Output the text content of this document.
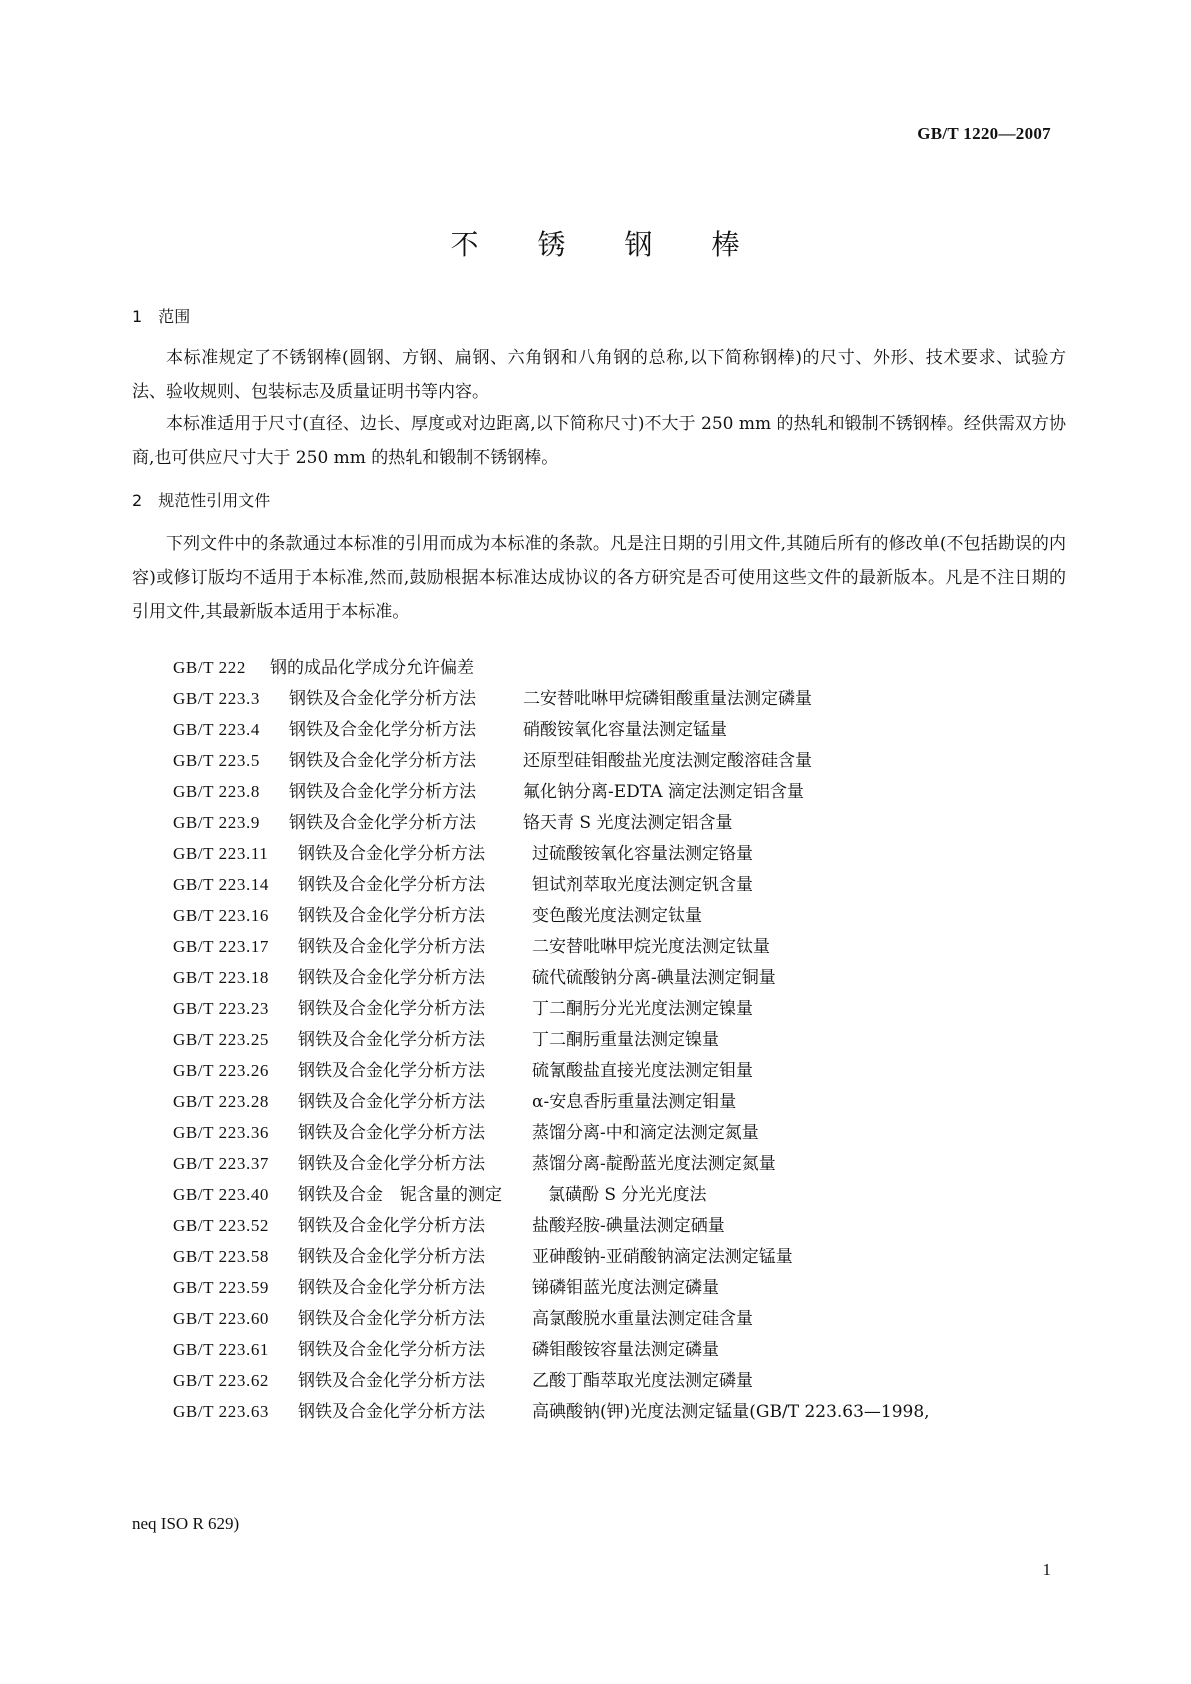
GB/T 1220—2007
不　　锈　　钢　　棒
1　 范围
本标准规定了不锈钢棒(圆钢、方钢、扁钢、六角钢和八角钢的总称,以下简称钢棒)的尺寸、外形、技术要求、试验方法、验收规则、包装标志及质量证明书等内容。
本标准适用于尺寸(直径、边长、厚度或对边距离,以下简称尺寸)不大于 250 mm 的热轧和锻制不锈钢棒。经供需双方协商,也可供应尺寸大于 250 mm 的热轧和锻制不锈钢棒。
2　 规范性引用文件
下列文件中的条款通过本标准的引用而成为本标准的条款。凡是注日期的引用文件,其随后所有的修改单(不包括勘误的内容)或修订版均不适用于本标准,然而,鼓励根据本标准达成协议的各方研究是否可使用这些文件的最新版本。凡是不注日期的引用文件,其最新版本适用于本标准。
GB/T 222 钢的成品化学成分允许偏差
GB/T 223.3 钢铁及合金化学分析方法	二安替吡啉甲烷磷钼酸重量法测定磷量
GB/T 223.4 钢铁及合金化学分析方法	硝酸铵氧化容量法测定锰量
GB/T 223.5 钢铁及合金化学分析方法	还原型硅钼酸盐光度法测定酸溶硅含量
GB/T 223.8 钢铁及合金化学分析方法	氟化钠分离-EDTA 滴定法测定铝含量
GB/T 223.9 钢铁及合金化学分析方法	铬天青 S 光度法测定铝含量
GB/T 223.11 钢铁及合金化学分析方法	过硫酸铵氧化容量法测定铬量
GB/T 223.14 钢铁及合金化学分析方法	钽试剂萃取光度法测定钒含量
GB/T 223.16 钢铁及合金化学分析方法	变色酸光度法测定钛量
GB/T 223.17 钢铁及合金化学分析方法	二安替吡啉甲烷光度法测定钛量
GB/T 223.18 钢铁及合金化学分析方法	硫代硫酸钠分离-碘量法测定铜量
GB/T 223.23 钢铁及合金化学分析方法	丁二酮肟分光光度法测定镍量
GB/T 223.25 钢铁及合金化学分析方法	丁二酮肟重量法测定镍量
GB/T 223.26 钢铁及合金化学分析方法	硫氰酸盐直接光度法测定钼量
GB/T 223.28 钢铁及合金化学分析方法	α-安息香肟重量法测定钼量
GB/T 223.36 钢铁及合金化学分析方法	蒸馏分离-中和滴定法测定氮量
GB/T 223.37 钢铁及合金化学分析方法	蒸馏分离-靛酚蓝光度法测定氮量
GB/T 223.40 钢铁及合金　铌含量的测定	氯磺酚 S 分光光度法
GB/T 223.52 钢铁及合金化学分析方法	盐酸羟胺-碘量法测定硒量
GB/T 223.58 钢铁及合金化学分析方法	亚砷酸钠-亚硝酸钠滴定法测定锰量
GB/T 223.59 钢铁及合金化学分析方法	锑磷钼蓝光度法测定磷量
GB/T 223.60 钢铁及合金化学分析方法	高氯酸脱水重量法测定硅含量
GB/T 223.61 钢铁及合金化学分析方法	磷钼酸铵容量法测定磷量
GB/T 223.62 钢铁及合金化学分析方法	乙酸丁酯萃取光度法测定磷量
GB/T 223.63 钢铁及合金化学分析方法	高碘酸钠(钾)光度法测定锰量(GB/T 223.63—1998,
neq ISO R 629)
1
